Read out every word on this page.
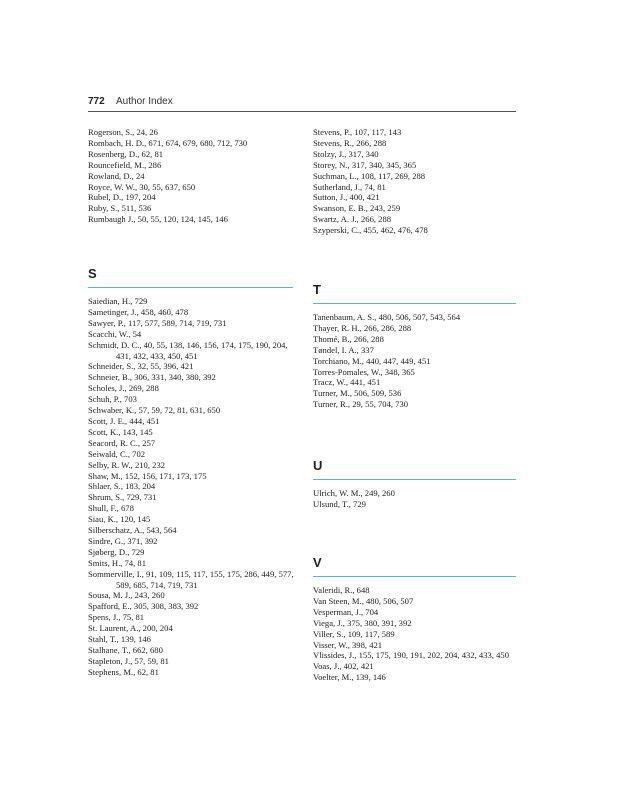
772 Author Index
Rogerson, S., 24, 26
Rombach, H. D., 671, 674, 679, 680, 712, 730
Rosenberg, D., 62, 81
Rouncefield, M., 286
Rowland, D., 24
Royce, W. W., 30, 55, 637, 650
Rubel, D., 197, 204
Ruby, S., 511, 536
Rumbaugh J., 50, 55, 120, 124, 145, 146
S
Saiedian, H., 729
Sametinger, J., 458, 460, 478
Sawyer, P., 117, 577, 589, 714, 719, 731
Scacchi, W., 54
Schmidt, D. C., 40, 55, 138, 146, 156, 174, 175, 190, 204, 431, 432, 433, 450, 451
Schneider, S., 32, 55, 396, 421
Schneier, B., 306, 331, 340, 380, 392
Scholes, J., 269, 288
Schuh, P., 703
Schwaber, K., 57, 59, 72, 81, 631, 650
Scott, J. E., 444, 451
Scott, K., 143, 145
Seacord, R. C., 257
Seiwald, C., 702
Selby, R. W., 210, 232
Shaw, M., 152, 156, 171, 173, 175
Shlaer, S., 183, 204
Shrum, S., 729, 731
Shull, F., 678
Siau, K., 120, 145
Silberschatz, A., 543, 564
Sindre, G., 371, 392
Sjøberg, D., 729
Smits, H., 74, 81
Sommerville, I., 91, 109, 115, 117, 155, 175, 286, 449, 577, 589, 685, 714, 719, 731
Sousa, M. J., 243, 260
Spafford, E., 305, 308, 383, 392
Spens, J., 75, 81
St. Laurent, A., 200, 204
Stahl, T., 139, 146
Stalhane, T., 662, 680
Stapleton, J., 57, 59, 81
Stephens, M., 62, 81
Stevens, P., 107, 117, 143
Stevens, R., 266, 288
Stolzy, J., 317, 340
Storey, N., 317, 340, 345, 365
Suchman, L., 108, 117, 269, 288
Sutherland, J., 74, 81
Sutton, J., 400, 421
Swanson, E. B., 243, 259
Swartz, A. J., 266, 288
Szyperski, C., 455, 462, 476, 478
T
Tanenbaum, A. S., 480, 506, 507, 543, 564
Thayer, R. H., 266, 286, 288
Thomé, B., 266, 288
Tøndel, I. A., 337
Torchiano, M., 440, 447, 449, 451
Torres-Pomales, W., 348, 365
Tracz, W., 441, 451
Turner, M., 506, 509, 536
Turner, R., 29, 55, 704, 730
U
Ulrich, W. M., 249, 260
Ulsund, T., 729
V
Valeridi, R., 648
Van Steen, M., 480, 506, 507
Vesperman, J., 704
Viega, J., 375, 380, 391, 392
Viller, S., 109, 117, 589
Visser, W., 398, 421
Vlissides, J., 155, 175, 190, 191, 202, 204, 432, 433, 450
Voas, J., 402, 421
Voelter, M., 139, 146
